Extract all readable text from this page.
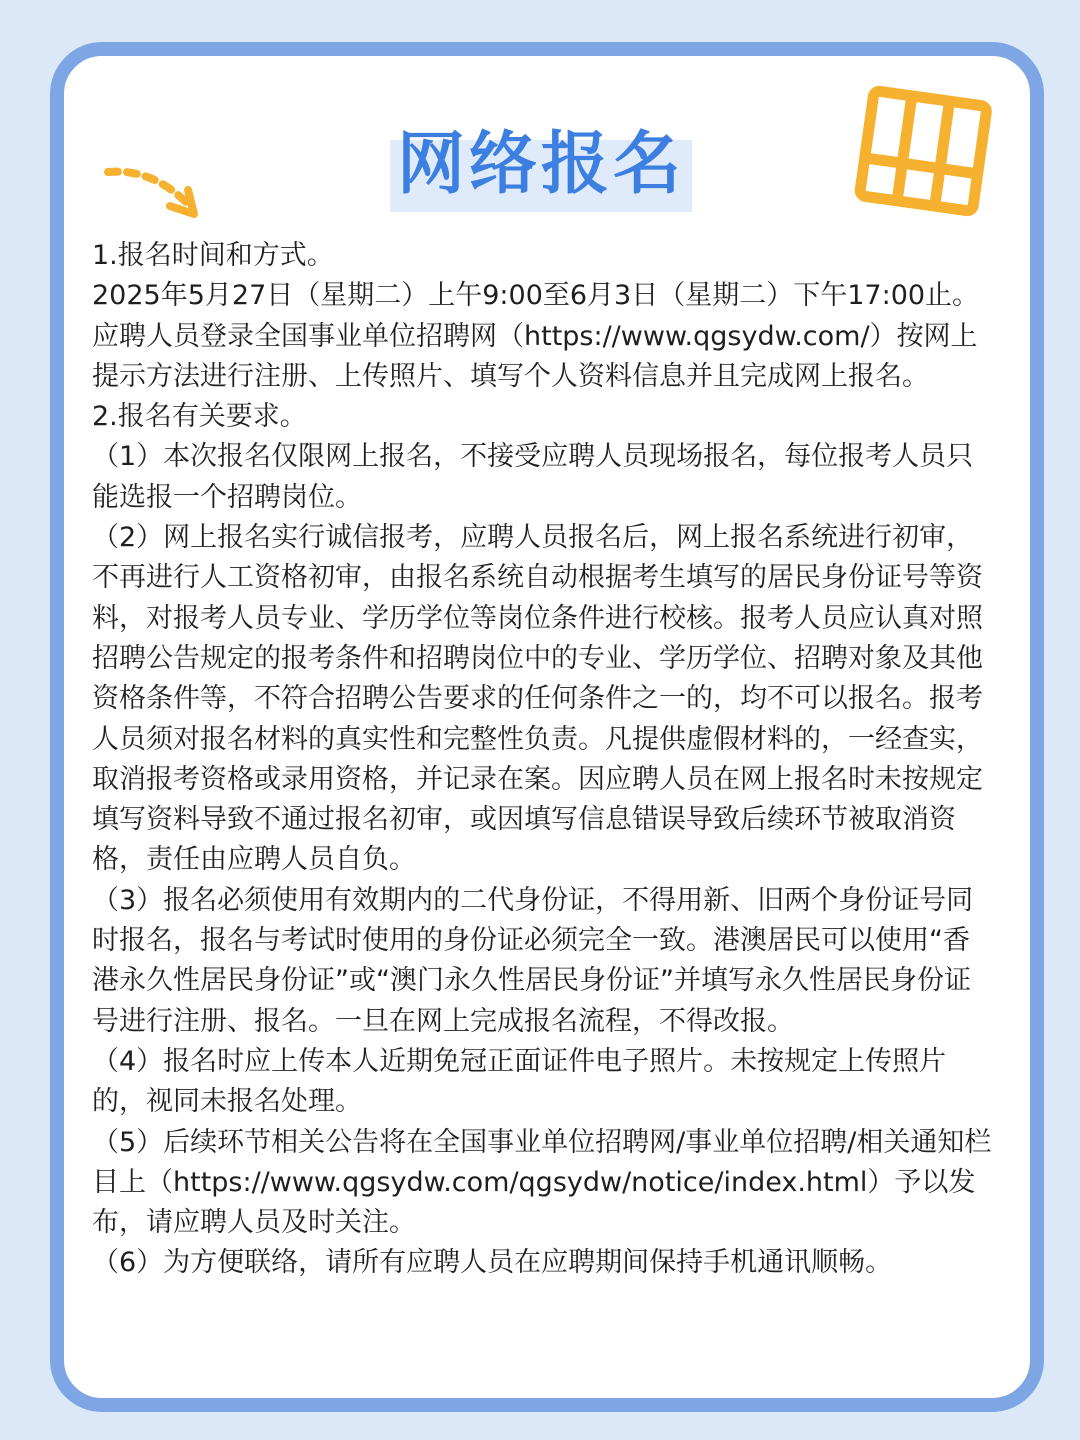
网络报名

1.报名时间和方式。

2025年5月27日（星期二）上午9:00至6月3日（星期二）下午17:00止。应聘人员登录全国事业单位招聘网（https://www.qgsydw.com/）按网上提示方法进行注册、上传照片、填写个人资料信息并且完成网上报名。

2.报名有关要求。

（1）本次报名仅限网上报名，不接受应聘人员现场报名，每位报考人员只能选报一个招聘岗位。

（2）网上报名实行诚信报考，应聘人员报名后，网上报名系统进行初审，不再进行人工资格初审，由报名系统自动根据考生填写的居民身份证号等资料，对报考人员专业、学历学位等岗位条件进行校核。报考人员应认真对照招聘公告规定的报考条件和招聘岗位中的专业、学历学位、招聘对象及其他资格条件等，不符合招聘公告要求的任何条件之一的，均不可以报名。报考人员须对报名材料的真实性和完整性负责。凡提供虚假材料的，一经查实，取消报考资格或录用资格，并记录在案。因应聘人员在网上报名时未按规定填写资料导致不通过报名初审，或因填写信息错误导致后续环节被取消资格，责任由应聘人员自负。

（3）报名必须使用有效期内的二代身份证，不得用新、旧两个身份证号同时报名，报名与考试时使用的身份证必须完全一致。港澳居民可以使用“香港永久性居民身份证”或“澳门永久性居民身份证”并填写永久性居民身份证号进行注册、报名。一旦在网上完成报名流程，不得改报。

（4）报名时应上传本人近期免冠正面证件电子照片。未按规定上传照片的，视同未报名处理。

（5）后续环节相关公告将在全国事业单位招聘网/事业单位招聘/相关通知栏目上（https://www.qgsydw.com/qgsydw/notice/index.html）予以发布，请应聘人员及时关注。

（6）为方便联络，请所有应聘人员在应聘期间保持手机通讯顺畅。
